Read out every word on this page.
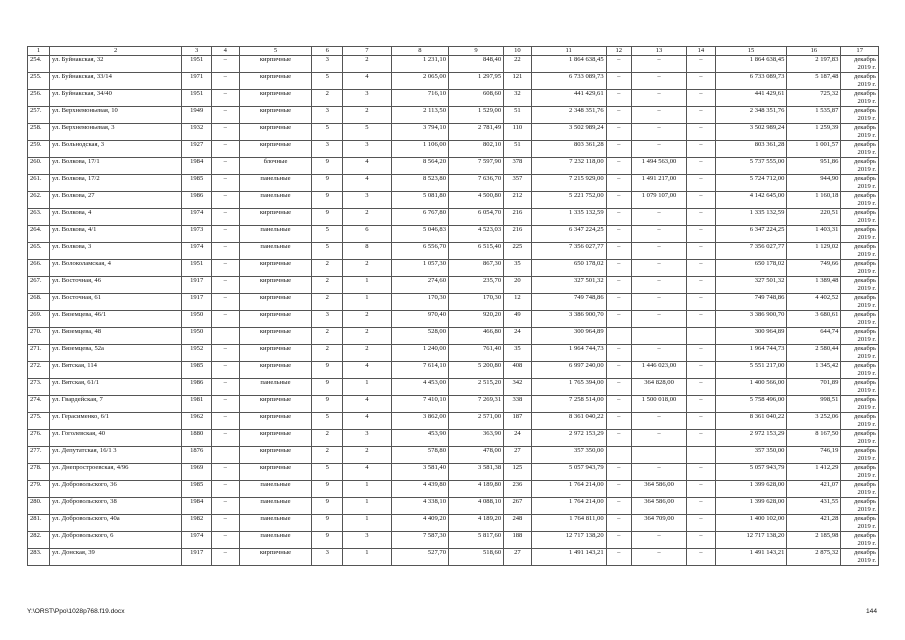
1	2	3	4	5	6	7	8	9	10	11	12	13	14	15	16	17
254.	ул. Буйнакская, 32	1951	–	кирпичные	3	2	1 231,10	848,40	22	1 864 638,45	–	–	–	1 864 638,45	2 197,83	декабрь 2019 г.
255.	ул. Буйнакская, 33/14	1971	–	кирпичные	5	4	2 065,00	1 297,95	121	6 733 089,73	–	–	–	6 733 089,73	5 187,48	декабрь 2019 г.
256.	ул. Буйнакская, 34/40	1951	–	кирпичные	2	3	716,10	608,60	32	441 429,61	–	–	–	441 429,61	725,32	декабрь 2019 г.
257.	ул. Верхнемоньевая, 10	1949	–	кирпичные	3	2	2 113,50	1 529,00	51	2 348 351,76	–	–	–	2 348 351,76	1 535,87	декабрь 2019 г.
258.	ул. Верхнемоньевая, 3	1932	–	кирпичные	5	5	3 794,10	2 781,49	110	3 502 989,24	–	–	–	3 502 989,24	1 259,39	декабрь 2019 г.
259.	ул. Вольнодская, 3	1927	–	кирпичные	3	3	1 106,00	802,10	51	803 361,28	–	–	–	803 361,28	1 001,57	декабрь 2019 г.
260.	ул. Волкова, 17/1	1984	–	блочные	9	4	8 564,20	7 597,90	378	7 232 118,00	–	1 494 563,00	–	5 737 555,00	951,86	декабрь 2019 г.
261.	ул. Волкова, 17/2	1985	–	панельные	9	4	8 523,80	7 636,70	357	7 215 929,00	–	1 491 217,00	–	5 724 712,00	944,90	декабрь 2019 г.
262.	ул. Волкова, 27	1986	–	панельные	9	3	5 081,80	4 500,80	212	5 221 752,00	–	1 079 107,00	–	4 142 645,00	1 160,18	декабрь 2019 г.
263.	ул. Волкова, 4	1974	–	кирпичные	9	2	6 767,80	6 054,70	216	1 335 132,59	–	–	–	1 335 132,59	220,51	декабрь 2019 г.
264.	ул. Волкова, 4/1	1973	–	панельные	5	6	5 046,83	4 523,03	216	6 347 224,25	–	–	–	6 347 224,25	1 403,31	декабрь 2019 г.
265.	ул. Волкова, 3	1974	–	панельные	5	8	6 556,70	6 515,40	225	7 356 027,77	–	–	–	7 356 027,77	1 129,02	декабрь 2019 г.
266.	ул. Волоколамская, 4	1951	–	кирпичные	2	2	1 057,30	867,30	35	650 178,02	–	–	–	650 178,02	749,66	декабрь 2019 г.
267.	ул. Восточная, 46	1917	–	кирпичные	2	1	274,60	235,70	20	327 501,32	–	–	–	327 501,32	1 389,48	декабрь 2019 г.
268.	ул. Восточная, 61	1917	–	кирпичные	2	1	170,30	170,30	12	749 748,86	–	–	–	749 748,86	4 402,52	декабрь 2019 г.
269.	ул. Вяземцева, 46/1	1950	–	кирпичные	3	2	970,40	920,20	49	3 386 900,70	–	–	–	3 386 900,70	3 680,61	декабрь 2019 г.
270.	ул. Вяземцева, 48	1950		кирпичные	2	2	528,00	466,80	24	300 964,89				300 964,89	644,74	декабрь 2019 г.
271.	ул. Вяземцева, 52а	1952	–	кирпичные	2	2	1 240,00	761,40	35	1 964 744,73	–	–	–	1 964 744,73	2 580,44	декабрь 2019 г.
272.	ул. Вятская, 114	1985	–	кирпичные	9	4	7 614,10	5 200,80	408	6 997 240,00	–	1 446 023,00	–	5 551 217,00	1 345,42	декабрь 2019 г.
273.	ул. Вятская, 61/1	1986	–	панельные	9	1	4 453,00	2 515,20	342	1 765 394,00	–	364 828,00	–	1 400 566,00	701,89	декабрь 2019 г.
274.	ул. Гвардейская, 7	1981	–	кирпичные	9	4	7 410,10	7 269,31	338	7 258 514,00	–	1 500 018,00	–	5 758 496,00	998,51	декабрь 2019 г.
275.	ул. Герасименко, 6/1	1962	–	кирпичные	5	4	3 862,00	2 571,00	187	8 361 040,22	–	–	–	8 361 040,22	3 252,06	декабрь 2019 г.
276.	ул. Гоголевская, 40	1880	–	кирпичные	2	3	453,90	363,90	24	2 972 153,29	–	–	–	2 972 153,29	8 167,50	декабрь 2019 г.
277.	ул. Депутатская, 16/1 3	1876		кирпичные	2	2	578,80	478,00	27	357 350,00				357 350,00	746,19	декабрь 2019 г.
278.	ул. Днепростроевская, 4/96	1969	–	кирпичные	5	4	3 581,40	3 581,38	125	5 057 943,79	–	–	–	5 057 943,79	1 412,29	декабрь 2019 г.
279.	ул. Добровольского, 36	1985	–	панельные	9	1	4 439,80	4 189,80	236	1 764 214,00	–	364 586,00	–	1 399 628,00	421,07	декабрь 2019 г.
280.	ул. Добровольского, 38	1984	–	панельные	9	1	4 338,10	4 088,10	267	1 764 214,00	–	364 586,00	–	1 399 628,00	431,55	декабрь 2019 г.
281.	ул. Добровольского, 40а	1982	–	панельные	9	1	4 409,20	4 189,20	248	1 764 811,00	–	364 709,00	–	1 400 102,00	421,28	декабрь 2019 г.
282.	ул. Добровольского, 6	1974	–	панельные	9	3	7 587,30	5 817,60	188	12 717 138,20	–	–	–	12 717 138,20	2 185,98	декабрь 2019 г.
283.	ул. Донская, 39	1917	–	кирпичные	3	1	527,70	518,60	27	1 491 143,21	–	–	–	1 491 143,21	2 875,32	декабрь 2019 г.
Y:\ORST\Ppo\1028p768.f19.docx	144
